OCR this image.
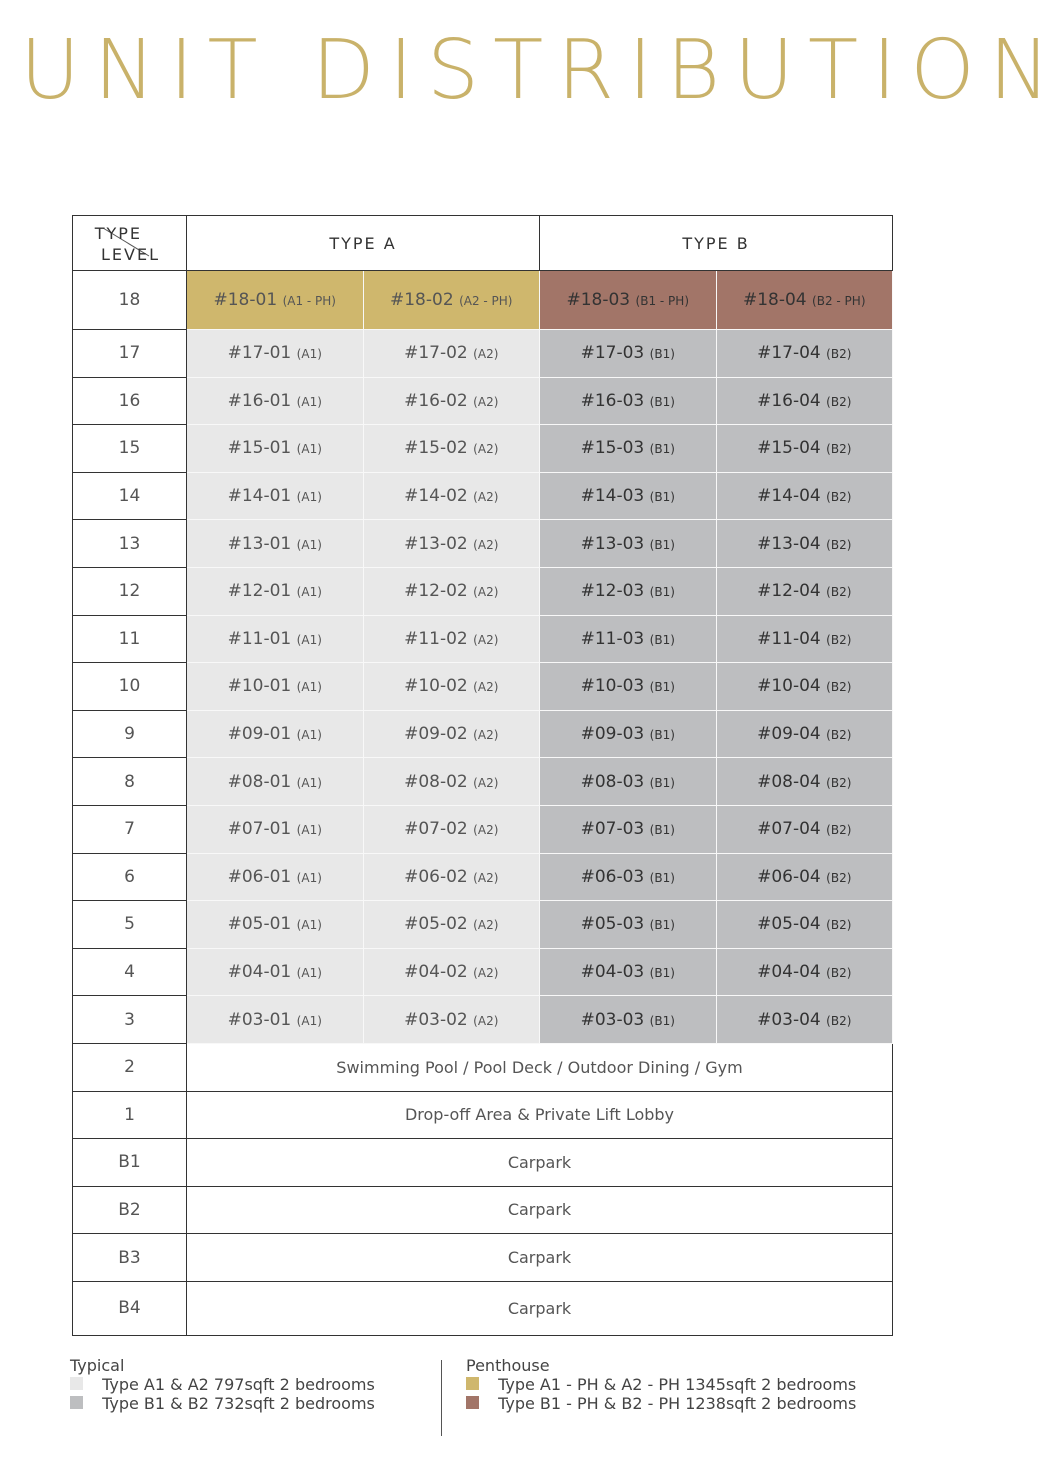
UNIT DISTRIBUTION
TYPE
LEVEL	TYPE A		TYPE B	
18	#18-01 (A1 - PH)	#18-02 (A2 - PH)	#18-03 (B1 - PH)	#18-04 (B2 - PH)
17	#17-01 (A1)	#17-02 (A2)	#17-03 (B1)	#17-04 (B2)
16	#16-01 (A1)	#16-02 (A2)	#16-03 (B1)	#16-04 (B2)
15	#15-01 (A1)	#15-02 (A2)	#15-03 (B1)	#15-04 (B2)
14	#14-01 (A1)	#14-02 (A2)	#14-03 (B1)	#14-04 (B2)
13	#13-01 (A1)	#13-02 (A2)	#13-03 (B1)	#13-04 (B2)
12	#12-01 (A1)	#12-02 (A2)	#12-03 (B1)	#12-04 (B2)
11	#11-01 (A1)	#11-02 (A2)	#11-03 (B1)	#11-04 (B2)
10	#10-01 (A1)	#10-02 (A2)	#10-03 (B1)	#10-04 (B2)
9	#09-01 (A1)	#09-02 (A2)	#09-03 (B1)	#09-04 (B2)
8	#08-01 (A1)	#08-02 (A2)	#08-03 (B1)	#08-04 (B2)
7	#07-01 (A1)	#07-02 (A2)	#07-03 (B1)	#07-04 (B2)
6	#06-01 (A1)	#06-02 (A2)	#06-03 (B1)	#06-04 (B2)
5	#05-01 (A1)	#05-02 (A2)	#05-03 (B1)	#05-04 (B2)
4	#04-01 (A1)	#04-02 (A2)	#04-03 (B1)	#04-04 (B2)
3	#03-01 (A1)	#03-02 (A2)	#03-03 (B1)	#03-04 (B2)
2	Swimming Pool / Pool Deck / Outdoor Dining / Gym			
1	Drop-off Area & Private Lift Lobby			
B1	Carpark			
B2	Carpark			
B3	Carpark			
B4	Carpark			
Typical
Type A1 & A2 797sqft 2 bedrooms
Type B1 & B2 732sqft 2 bedrooms
Penthouse
Type A1 - PH & A2 - PH 1345sqft 2 bedrooms
Type B1 - PH & B2 - PH 1238sqft 2 bedrooms
